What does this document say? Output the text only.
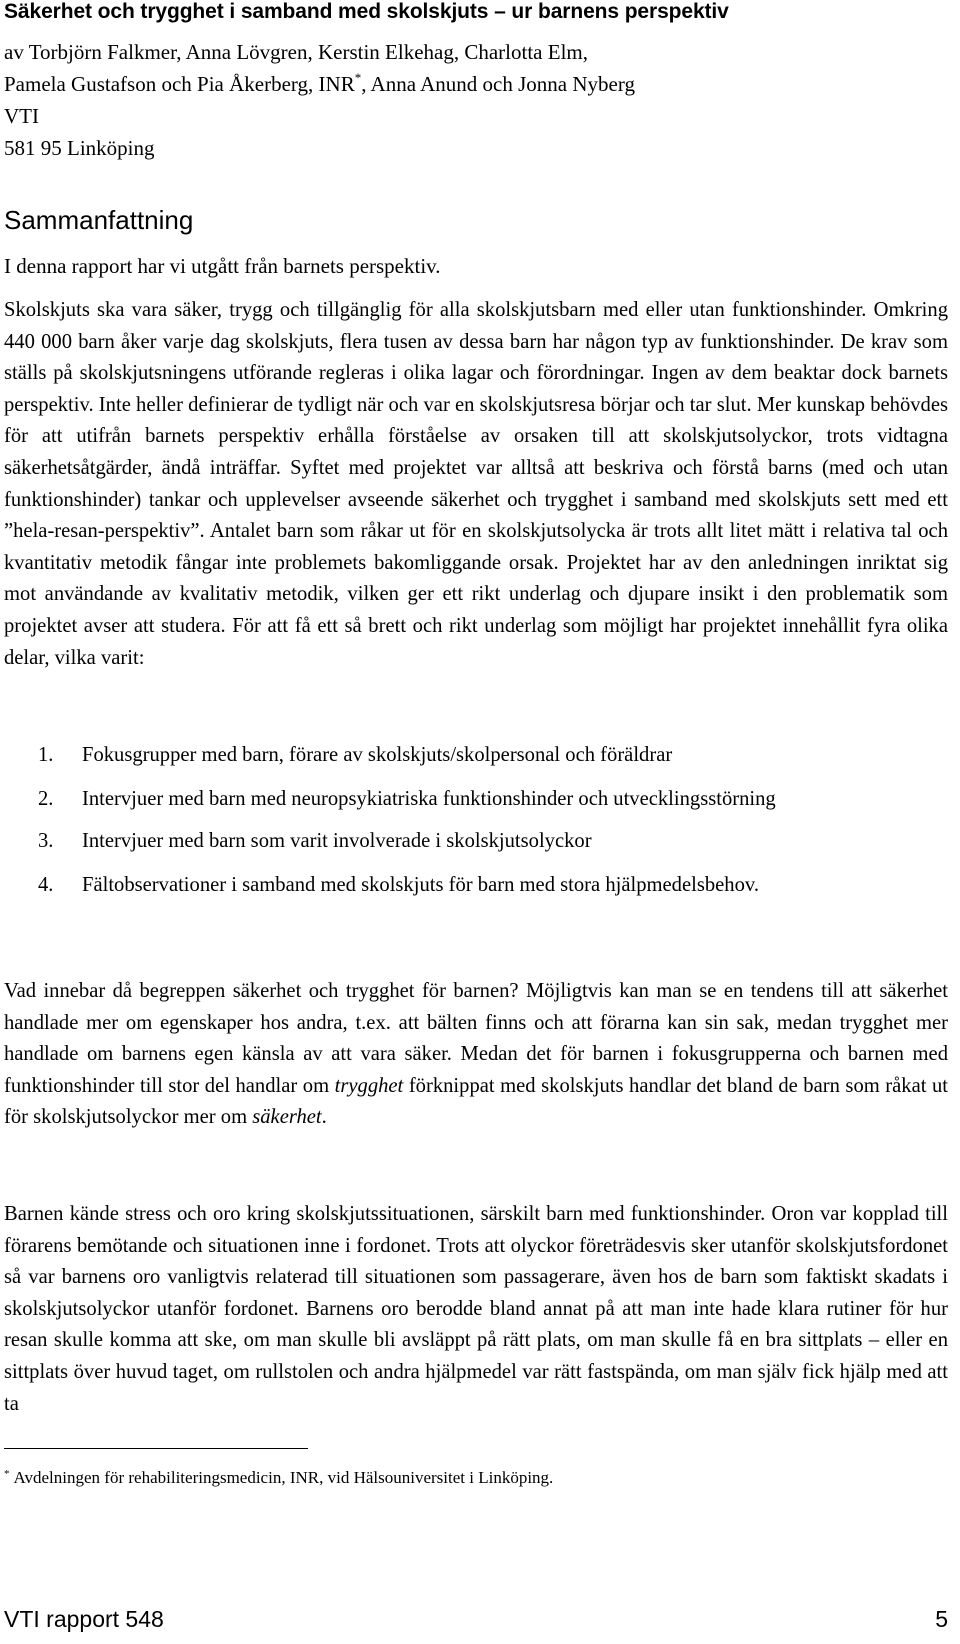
Säkerhet och trygghet i samband med skolskjuts – ur barnens perspektiv
av Torbjörn Falkmer, Anna Lövgren, Kerstin Elkehag, Charlotta Elm,
Pamela Gustafson och Pia Åkerberg, INR*, Anna Anund och Jonna Nyberg
VTI
581 95 Linköping
Sammanfattning
I denna rapport har vi utgått från barnets perspektiv.

Skolskjuts ska vara säker, trygg och tillgänglig för alla skolskjutsbarn med eller utan funktionshinder. Omkring 440 000 barn åker varje dag skolskjuts, flera tusen av dessa barn har någon typ av funktionshinder. De krav som ställs på skolskjutsningens utförande regleras i olika lagar och förordningar. Ingen av dem beaktar dock barnets perspektiv. Inte heller definierar de tydligt när och var en skolskjutsresa börjar och tar slut. Mer kunskap behövdes för att utifrån barnets perspektiv erhålla förståelse av orsaken till att skolskjutsolyckor, trots vidtagna säkerhetsåtgärder, ändå inträffar. Syftet med projektet var alltså att beskriva och förstå barns (med och utan funktionshinder) tankar och upplevelser avseende säkerhet och trygghet i samband med skolskjuts sett med ett ”hela-resan-perspektiv”. Antalet barn som råkar ut för en skolskjutsolycka är trots allt litet mätt i relativa tal och kvantitativ metodik fångar inte problemets bakomliggande orsak. Projektet har av den anledningen inriktat sig mot användande av kvalitativ metodik, vilken ger ett rikt underlag och djupare insikt i den problematik som projektet avser att studera. För att få ett så brett och rikt underlag som möjligt har projektet innehållit fyra olika delar, vilka varit:

1. Fokusgrupper med barn, förare av skolskjuts/skolpersonal och föräldrar
2. Intervjuer med barn med neuropsykiatriska funktionshinder och utvecklingsstörning
3. Intervjuer med barn som varit involverade i skolskjutsolyckor
4. Fältobservationer i samband med skolskjuts för barn med stora hjälpmedelsbehov.

Vad innebar då begreppen säkerhet och trygghet för barnen? Möjligtvis kan man se en tendens till att säkerhet handlade mer om egenskaper hos andra, t.ex. att bälten finns och att förarna kan sin sak, medan trygghet mer handlade om barnens egen känsla av att vara säker. Medan det för barnen i fokusgrupperna och barnen med funktionshinder till stor del handlar om trygghet förknippat med skolskjuts handlar det bland de barn som råkat ut för skolskjutsolyckor mer om säkerhet.

Barnen kände stress och oro kring skolskjutssituationen, särskilt barn med funktionshinder. Oron var kopplad till förarens bemötande och situationen inne i fordonet. Trots att olyckor företrädesvis sker utanför skolskjutsfordonet så var barnens oro vanligtvis relaterad till situationen som passagerare, även hos de barn som faktiskt skadats i skolskjutsolyckor utanför fordonet. Barnens oro berodde bland annat på att man inte hade klara rutiner för hur resan skulle komma att ske, om man skulle bli avsläppt på rätt plats, om man skulle få en bra sittplats – eller en sittplats över huvud taget, om rullstolen och andra hjälpmedel var rätt fastspända, om man själv fick hjälp med att ta

* Avdelningen för rehabiliteringsmedicin, INR, vid Hälsouniversitet i Linköping.
VTI rapport 548	5
